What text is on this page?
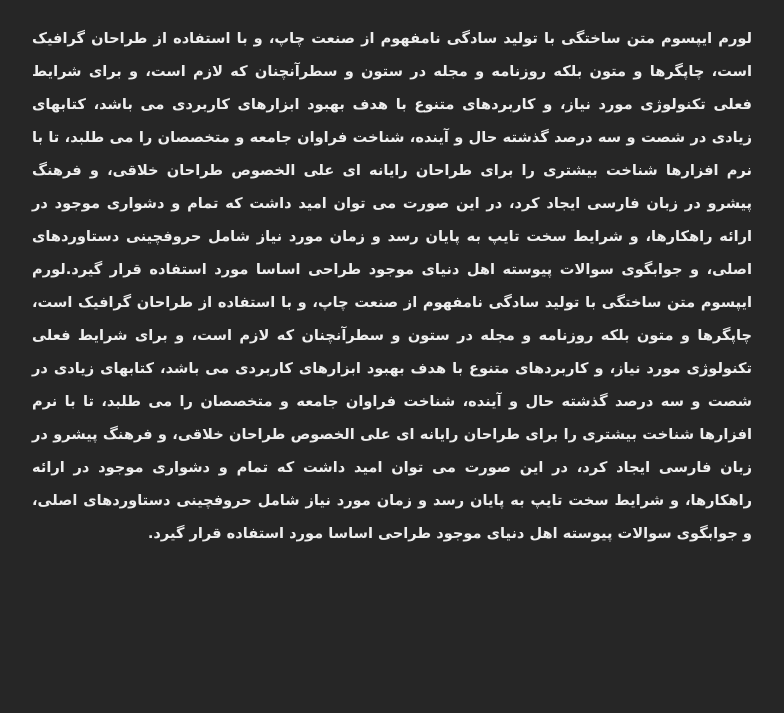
لورم ایپسوم متن ساختگی با تولید سادگی نامفهوم از صنعت چاپ، و با استفاده از طراحان گرافیک است، چاپگرها و متون بلکه روزنامه و مجله در ستون و سطرآنچنان که لازم است، و برای شرایط فعلی تکنولوژی مورد نیاز، و کاربردهای متنوع با هدف بهبود ابزارهای کاربردی می باشد، کتابهای زیادی در شصت و سه درصد گذشته حال و آینده، شناخت فراوان جامعه و متخصصان را می طلبد، تا با نرم افزارها شناخت بیشتری را برای طراحان رایانه ای علی الخصوص طراحان خلاقی، و فرهنگ پیشرو در زبان فارسی ایجاد کرد، در این صورت می توان امید داشت که تمام و دشواری موجود در ارائه راهکارها، و شرایط سخت تایپ به پایان رسد و زمان مورد نیاز شامل حروفچینی دستاوردهای اصلی، و جوابگوی سوالات پیوسته اهل دنیای موجود طراحی اساسا مورد استفاده قرار گیرد.لورم ایپسوم متن ساختگی با تولید سادگی نامفهوم از صنعت چاپ، و با استفاده از طراحان گرافیک است، چاپگرها و متون بلکه روزنامه و مجله در ستون و سطرآنچنان که لازم است، و برای شرایط فعلی تکنولوژی مورد نیاز، و کاربردهای متنوع با هدف بهبود ابزارهای کاربردی می باشد، کتابهای زیادی در شصت و سه درصد گذشته حال و آینده، شناخت فراوان جامعه و متخصصان را می طلبد، تا با نرم افزارها شناخت بیشتری را برای طراحان رایانه ای علی الخصوص طراحان خلاقی، و فرهنگ پیشرو در زبان فارسی ایجاد کرد، در این صورت می توان امید داشت که تمام و دشواری موجود در ارائه راهکارها، و شرایط سخت تایپ به پایان رسد و زمان مورد نیاز شامل حروفچینی دستاوردهای اصلی، و جوابگوی سوالات پیوسته اهل دنیای موجود طراحی اساسا مورد استفاده قرار گیرد.
